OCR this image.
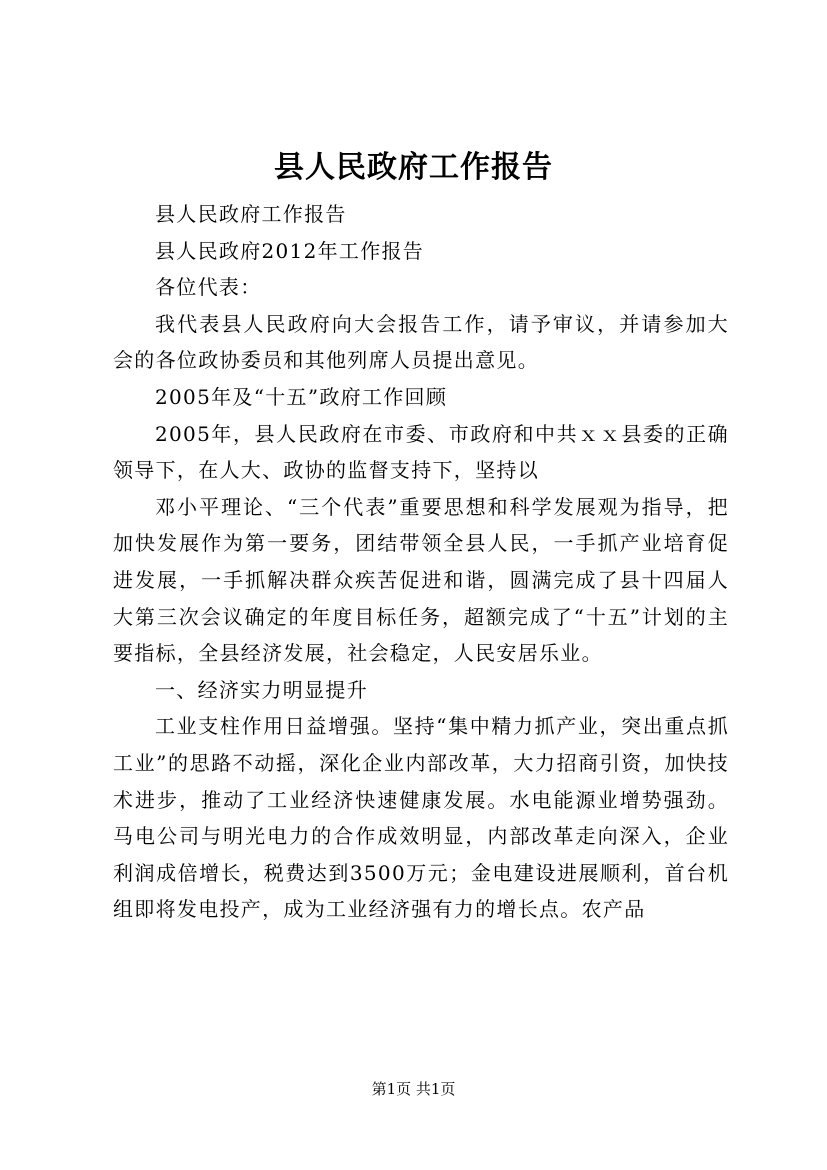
县人民政府工作报告

县人民政府工作报告

县人民政府2012年工作报告

各位代表：

我代表县人民政府向大会报告工作，请予审议，并请参加大会的各位政协委员和其他列席人员提出意见。

2005年及“十五”政府工作回顾

2005年，县人民政府在市委、市政府和中共ｘｘ县委的正确领导下，在人大、政协的监督支持下，坚持以

邓小平理论、“三个代表”重要思想和科学发展观为指导，把加快发展作为第一要务，团结带领全县人民，一手抓产业培育促进发展，一手抓解决群众疾苦促进和谐，圆满完成了县十四届人大第三次会议确定的年度目标任务，超额完成了“十五”计划的主要指标，全县经济发展，社会稳定，人民安居乐业。

一、经济实力明显提升

工业支柱作用日益增强。坚持“集中精力抓产业，突出重点抓工业”的思路不动摇，深化企业内部改革，大力招商引资，加快技术进步，推动了工业经济快速健康发展。水电能源业增势强劲。马电公司与明光电力的合作成效明显，内部改革走向深入，企业利润成倍增长，税费达到3500万元；金电建设进展顺利，首台机组即将发电投产，成为工业经济强有力的增长点。农产品

第1页 共1页
